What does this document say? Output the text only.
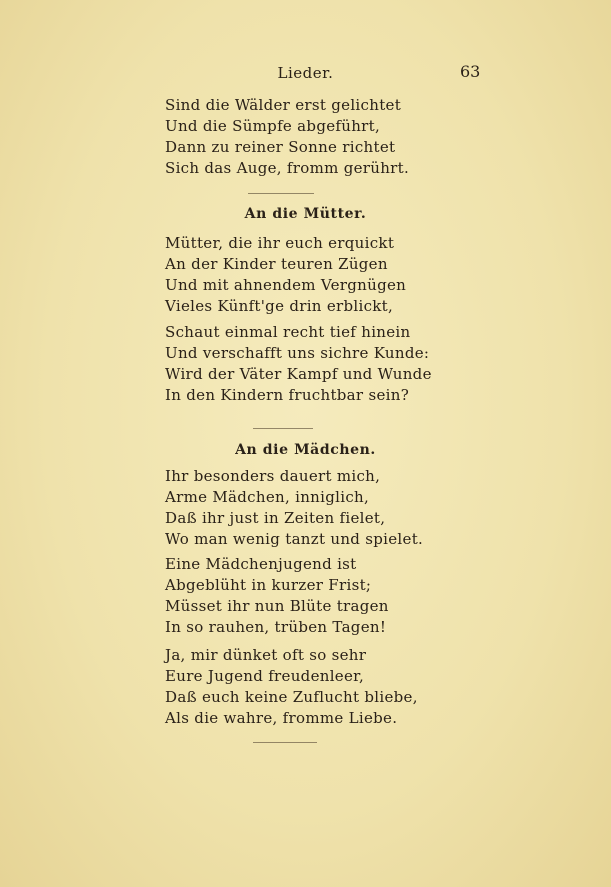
Lieder.	63
Sind die Wälder erst gelichtet
Und die Sümpfe abgeführt,
Dann zu reiner Sonne richtet
Sich das Auge, fromm gerührt.
An die Mütter.
Mütter, die ihr euch erquickt
An der Kinder teuren Zügen
Und mit ahnendem Vergnügen
Vieles Künft'ge drin erblickt,
Schaut einmal recht tief hinein
Und verschafft uns sichre Kunde:
Wird der Väter Kampf und Wunde
In den Kindern fruchtbar sein?
An die Mädchen.
Ihr besonders dauert mich,
Arme Mädchen, inniglich,
Daß ihr just in Zeiten fielet,
Wo man wenig tanzt und spielet.
Eine Mädchenjugend ist
Abgeblüht in kurzer Frist;
Müsset ihr nun Blüte tragen
In so rauhen, trüben Tagen!
Ja, mir dünket oft so sehr
Eure Jugend freudenleer,
Daß euch keine Zuflucht bliebe,
Als die wahre, fromme Liebe.
